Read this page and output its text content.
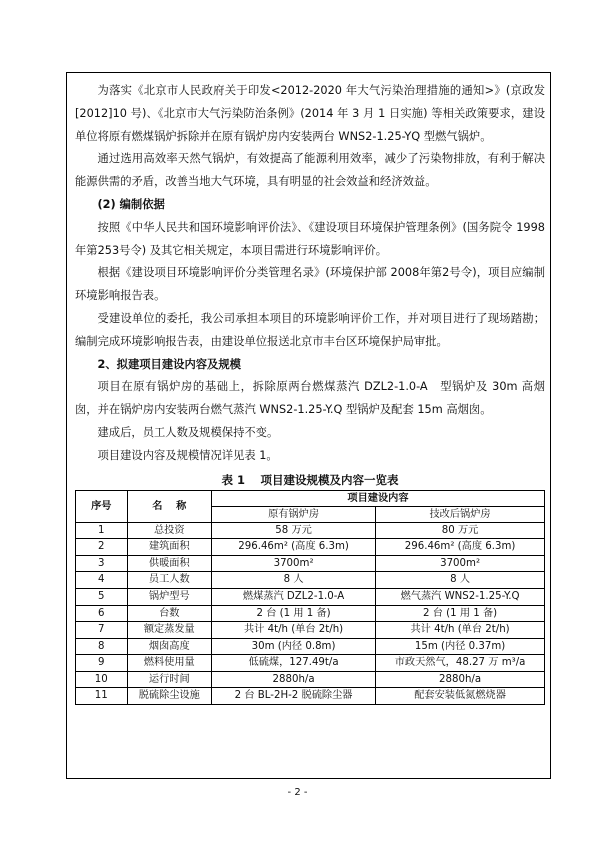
为落实《北京市人民政府关于印发<2012-2020 年大气污染治理措施的通知>》(京政发[2012]10 号)、《北京市大气污染防治条例》(2014 年 3 月 1 日实施) 等相关政策要求，建设单位将原有燃煤锅炉拆除并在原有锅炉房内安装两台 WNS2-1.25-YQ 型燃气锅炉。

通过选用高效率天然气锅炉，有效提高了能源利用效率，减少了污染物排放，有利于解决能源供需的矛盾，改善当地大气环境，具有明显的社会效益和经济效益。

(2) 编制依据

按照《中华人民共和国环境影响评价法》、《建设项目环境保护管理条例》(国务院令 1998年第253号令) 及其它相关规定，本项目需进行环境影响评价。

根据《建设项目环境影响评价分类管理名录》(环境保护部 2008年第2号令)，项目应编制环境影响报告表。

受建设单位的委托，我公司承担本项目的环境影响评价工作，并对项目进行了现场踏勘；编制完成环境影响报告表，由建设单位报送北京市丰台区环境保护局审批。

2、拟建项目建设内容及规模

项目在原有锅炉房的基础上，拆除原两台燃煤蒸汽 DZL2-1.0-A　型锅炉及 30m 高烟囱，并在锅炉房内安装两台燃气蒸汽 WNS2-1.25-Y.Q 型锅炉及配套 15m 高烟囱。

建成后，员工人数及规模保持不变。

项目建设内容及规模情况详见表 1。

表 1　 项目建设规模及内容一览表
序号	名　 称	项目建设内容	
		原有锅炉房	技改后锅炉房
1	总投资	58 万元	80 万元
2	建筑面积	296.46m² (高度 6.3m)	296.46m² (高度 6.3m)
3	供暖面积	3700m²	3700m²
4	员工人数	8 人	8 人
5	锅炉型号	燃煤蒸汽 DZL2-1.0-A	燃气蒸汽 WNS2-1.25-Y.Q
6	台数	2 台 (1 用 1 备)	2 台 (1 用 1 备)
7	额定蒸发量	共计 4t/h (单台 2t/h)	共计 4t/h (单台 2t/h)
8	烟囱高度	30m (内径 0.8m)	15m (内径 0.37m)
9	燃料使用量	低硫煤，127.49t/a	市政天然气，48.27 万 m³/a
10	运行时间	2880h/a	2880h/a
11	脱硫除尘设施	2 台 BL-2H-2 脱硫除尘器	配套安装低氮燃烧器
- 2 -
